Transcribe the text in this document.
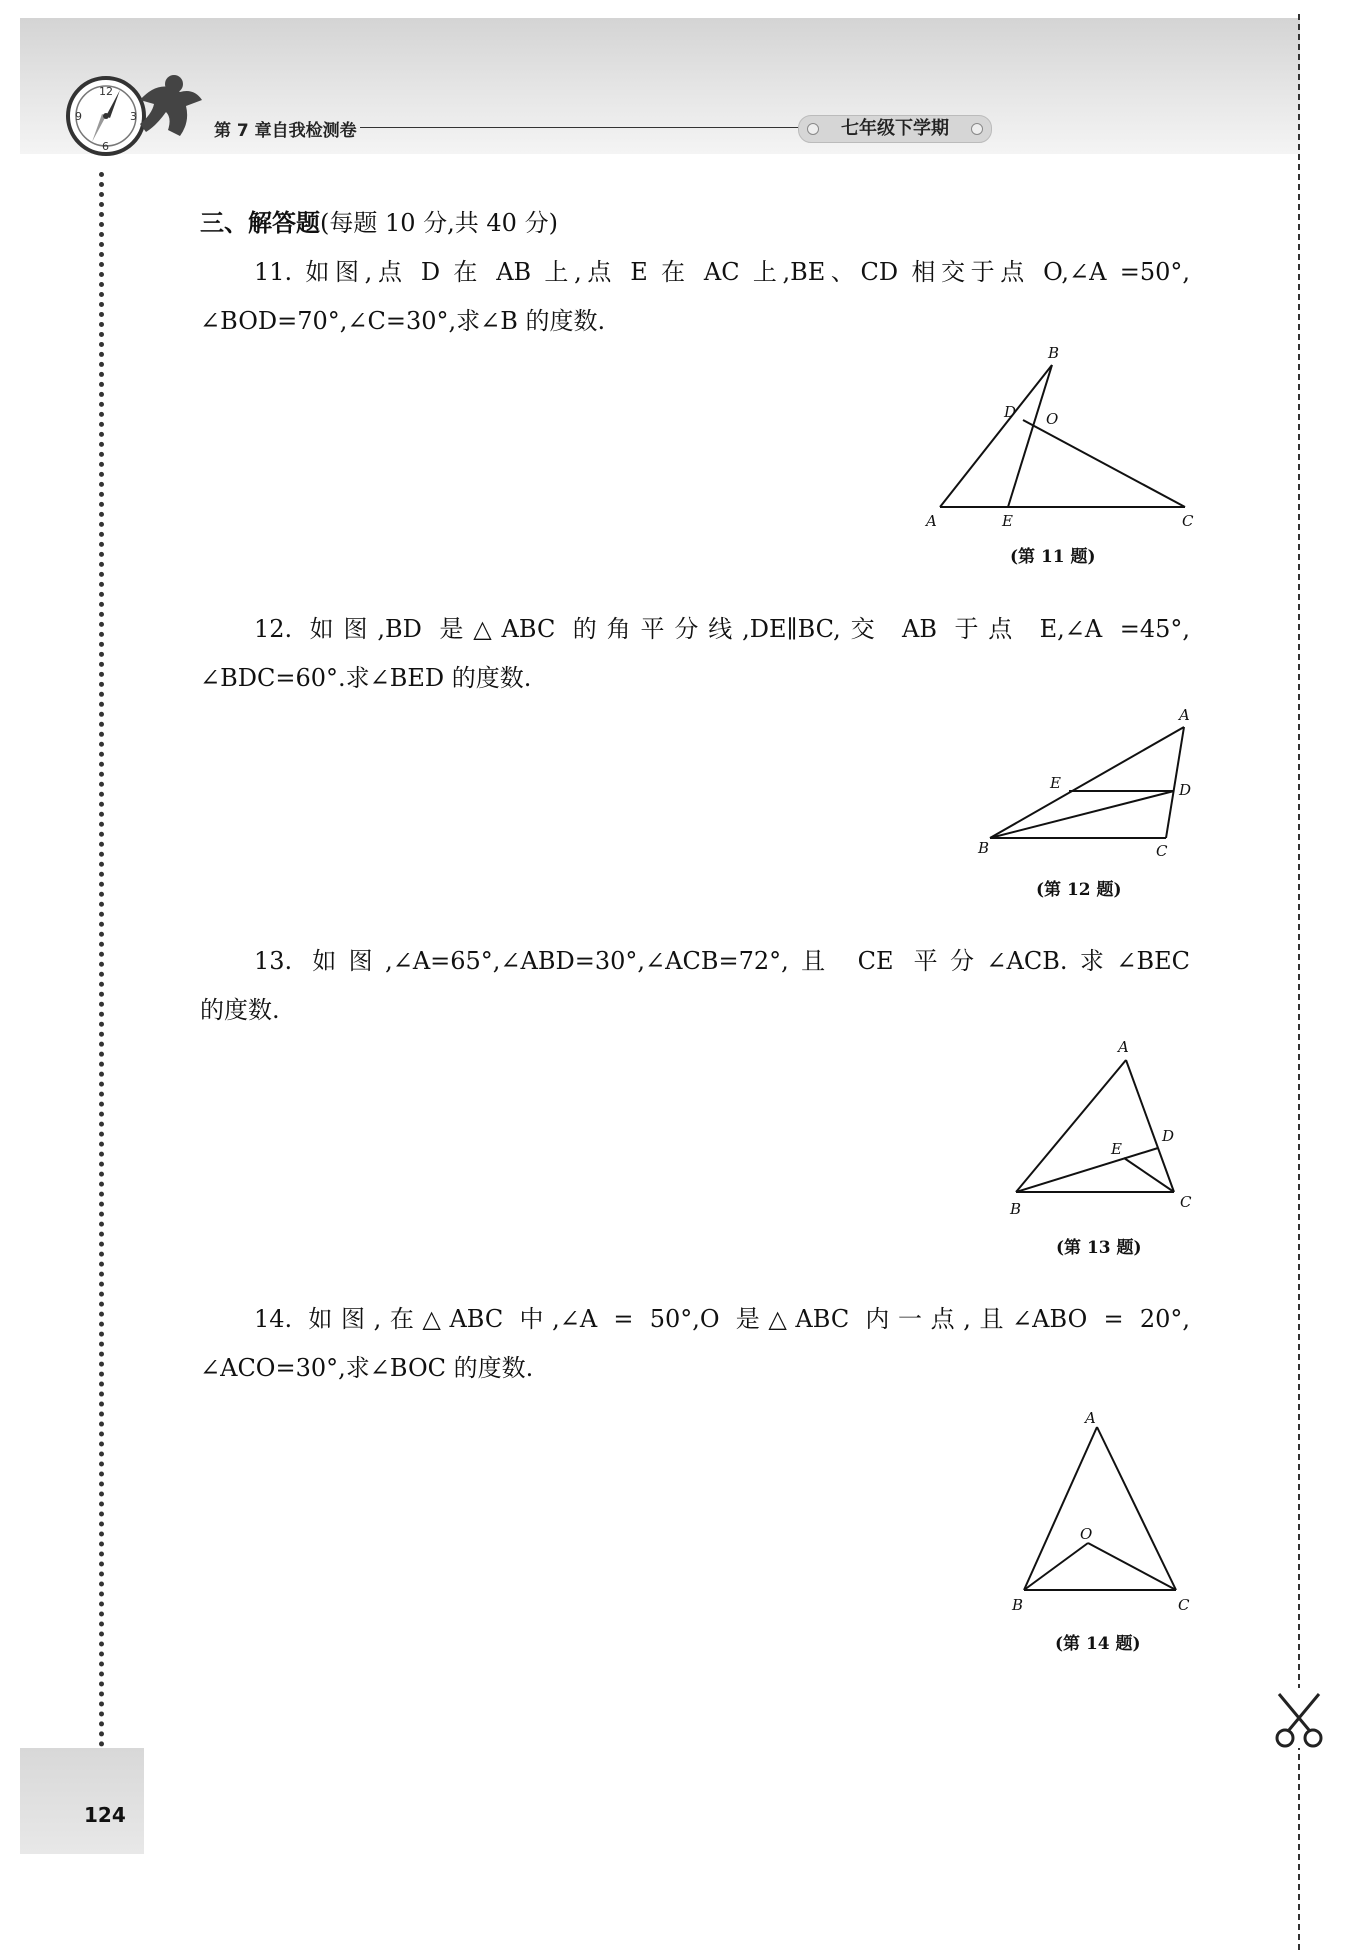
12
6
9	3
第 7 章自我检测卷	七年级下学期
三、解答题(每题 10 分,共 40 分)
11. 如图,点 D 在 AB 上,点 E 在 AC 上,BE、CD 相交于点 O,∠A =50°,
∠BOD=70°,∠C=30°,求∠B 的度数.
A
B
C
D
E
O
(第 11 题)
12. 如图,BD 是△ABC 的角平分线,DE∥BC,交 AB 于点 E,∠A =45°,
∠BDC=60°.求∠BED 的度数.
A
B	C
D
E
(第 12 题)
13. 如图,∠A=65°,∠ABD=30°,∠ACB=72°,且 CE 平分∠ACB.求∠BEC
的度数.
A
B	C
D
E
(第 13 题)
14. 如图,在△ABC 中,∠A = 50°,O 是△ABC 内一点,且∠ABO = 20°,
∠ACO=30°,求∠BOC 的度数.
A
B	C
O
(第 14 题)
124
